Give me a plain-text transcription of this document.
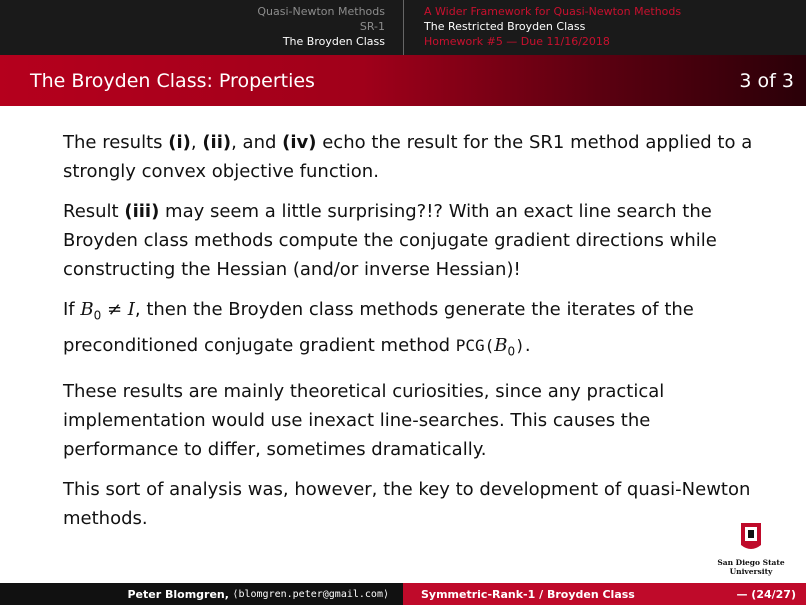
Quasi-Newton Methods
SR-1
The Broyden Class
A Wider Framework for Quasi-Newton Methods
The Restricted Broyden Class
Homework #5 — Due 11/16/2018
The Broyden Class: Properties	3 of 3

The results (i), (ii), and (iv) echo the result for the SR1 method applied to a strongly convex objective function.

Result (iii) may seem a little surprising?!? With an exact line search the Broyden class methods compute the conjugate gradient directions while constructing the Hessian (and/or inverse Hessian)!

If $B_0 \ne I$, then the Broyden class methods generate the iterates of the preconditioned conjugate gradient method $PCG(B_0)$.

These results are mainly theoretical curiosities, since any practical implementation would use inexact line-searches. This causes the performance to differ, sometimes dramatically.

This sort of analysis was, however, the key to development of quasi-Newton methods.

San Diego State
University
Peter Blomgren,
⟨blomgren.peter@gmail.com⟩	Symmetric-Rank-1 / Broyden Class	— (24/27)
